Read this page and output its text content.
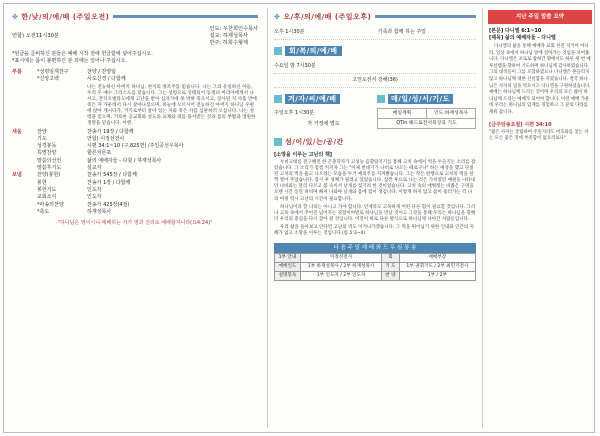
✤ 한/낮/의/예/배 (주일오전)
연합) 오전11시30분
인도: 우찬희인수목사
설교: 하재성목사
반주: 하희수형제
*된글을 준비하신 분들은 예배 시작 전에 헌금함에 넣어주십시오.
*표시에는 몸이 불편하신 분 외에는 일어나 주십시오.
부름	*성령임재찬구	찬양 / 찬양팀
*신앙고백	사도신경 / 다함께
나는 전능하신 아버지 하나님, 천지의 창조주를 믿습니다. 나는 그의 유일하신 아들, 우리 주 예수 그리스도를 믿습니다. 그는 성령으로 잉태되어 동정녀 마리아에게서 나시고, 본디오빌라도에게 고난을 받아 십자가에 못 박혀 죽으시고, 장사된 지 사흘 만에 죽은 자 가운데서 다시 살아나셨으며, 하늘에 오르시어 전능하신 아버지 하나님 우편에 앉아 계시다가, 거기로부터 살아 있는 자와 죽은 자를 심판하러 오십니다. 나는 성령을 믿으며, 거룩한 공교회와 성도의 교제와 죄를 용서받는 것과 몸의 부활과 영원한 생명을 믿습니다. 아멘.
새움	찬양	찬송가 19장 / 다함께
기도	연합) 이정선전사
성경봉독	시편 34:1~10 (구,825면) /주인공선우목사
특별찬양	할른치몬포
말씀의선언	삶의 예배자들 - 다윗 / 하재성목사
말씀후기도	설교자
보냄	찬양(봉헌)	찬송가 545장 / 다함께
봉헌	찬송가 1장 / 다함께
봉헌기도	인도자
교회소식	인도자
*파송의찬양	찬송가 425장(4절)
*축도	하재성목사
"하나님은 영이시니 예배하는 자가 영과 진리로 예배할지니라(요4:24)"
✤ 오/후/의/예/배 (주일오후)
오후 1시30분	가족과 함께 하는 주일
회/복/의/예/배
수요일 밤 7시30분
고린도전서 강해(36)
겨/자/씨/예/배
주일오후 1시30분
각 가정에 별도
매/일/성/서/기/도
매일계획	인도:하재성목사
QTin 헤드로전서묵상과 기도
섬/이/있/는/공/간
[소망을 이루는 고난의 책]

누비고대를 전구해진 한 곤충학자가 고성능 음향탐지기를 통해 고치 속에서 벽을 두들기는 소리를 잡았습니다. 그 소리가 점점 커지자 그는 "이제 번데기가 나비로 나오는 때로구나" 하는 예상을 했고 단절된 고치의 벽을 뚫고 나오려는 모습을 두거 예의주를 지켜봤습니다. 그는 작은 헌행으로 고치의 벽을 살짝 찢어 주었습니다. 잠시 후 성체가 될려고 있었습니다. 잠깐 후으로 나는 것은 가치였던 예원을 나타내던 나비와는 달리 다르고 불 숙이서 날개를 젖기려 한 것이었습니다. 고치 속의 애벌레는 비좁은 구멍을 오랜 시간 동안 비비며 빠져 나와야 날개와 몸에 힘이 생깁니다. 이렇게 하지 않고 몸이 흘러가는 각 나의 여정 역시 고난의 시간이 필요합니다.

하나님이라 할 나의는 아니고 가야 합니다. 언제라도 고독하게 어떤 다른 힘이 필요할 것입니다. 그러나 고독 속에서 주어진 넘어지는 경험이야말로 하나님을 만날 것이고 그것을 통해 우리는 하나님을 향해 더 우리의 중심을 다시 찾아 갈 것입니다. 이것이 바로 다른 방식으로 하나님께 나아간 사람들입니다.

우리 삶을 돌아보고 안다면 고난의 벽도 이겨나가겠습니다. 그 벽을 뛰어넘기 위한 인내와 인간의 지혜가 없고 소망을 이루는 것입니다.(롬 5:3~4)

다 음 주 일 예 배 와 드 우 심 봉 송
1부 안내	이정선전사	회	예배부장
예배인도	1부 하재성목사 / 2부 하재성목사	기 도	1부 권휘기도 / 2부 최민기전사
설명봉독	1부 인도자 / 2부 인도자	찬 양	1부 / 2부
지난 주일 말씀 요약
[본문] 다니엘 6:1~10
[제목] 삶의 예배자들 - 다니엘

다니엘의 삶을 통해 예배자 교회 선진 지키어 아니라, 일상 속에서 하나님 앞에 살아가는 것임을 보여줍니다. 다니엘은 포로로 잡혀간 땅에서도 하루 세 번 예루살렘을 향하여 기도하며 하나님께 감사하였습니다. 그의 대적들이 그를 모함하였으나 다니엘은 흔들리지 않고 하나님께 대한 신실함을 지켰습니다. 결국 하나님은 사자의 입을 막으시고 다니엘을 구원하셨습니다. 예배는 하나님께 드리는 것이며 우리의 모든 삶이 하나님께 드리는 예배가 되어야 합니다. 이런 예배 가운데 우리는 하나님의 임재를 경험하고 그 분의 나라를 세워 갑니다.

[금주암송요절] 시편 34:10

"젊은 사자는 궁핍하여 주릴지라도 여호와를 찾는 자는 모든 좋은 것에 부족함이 없으리로다"
